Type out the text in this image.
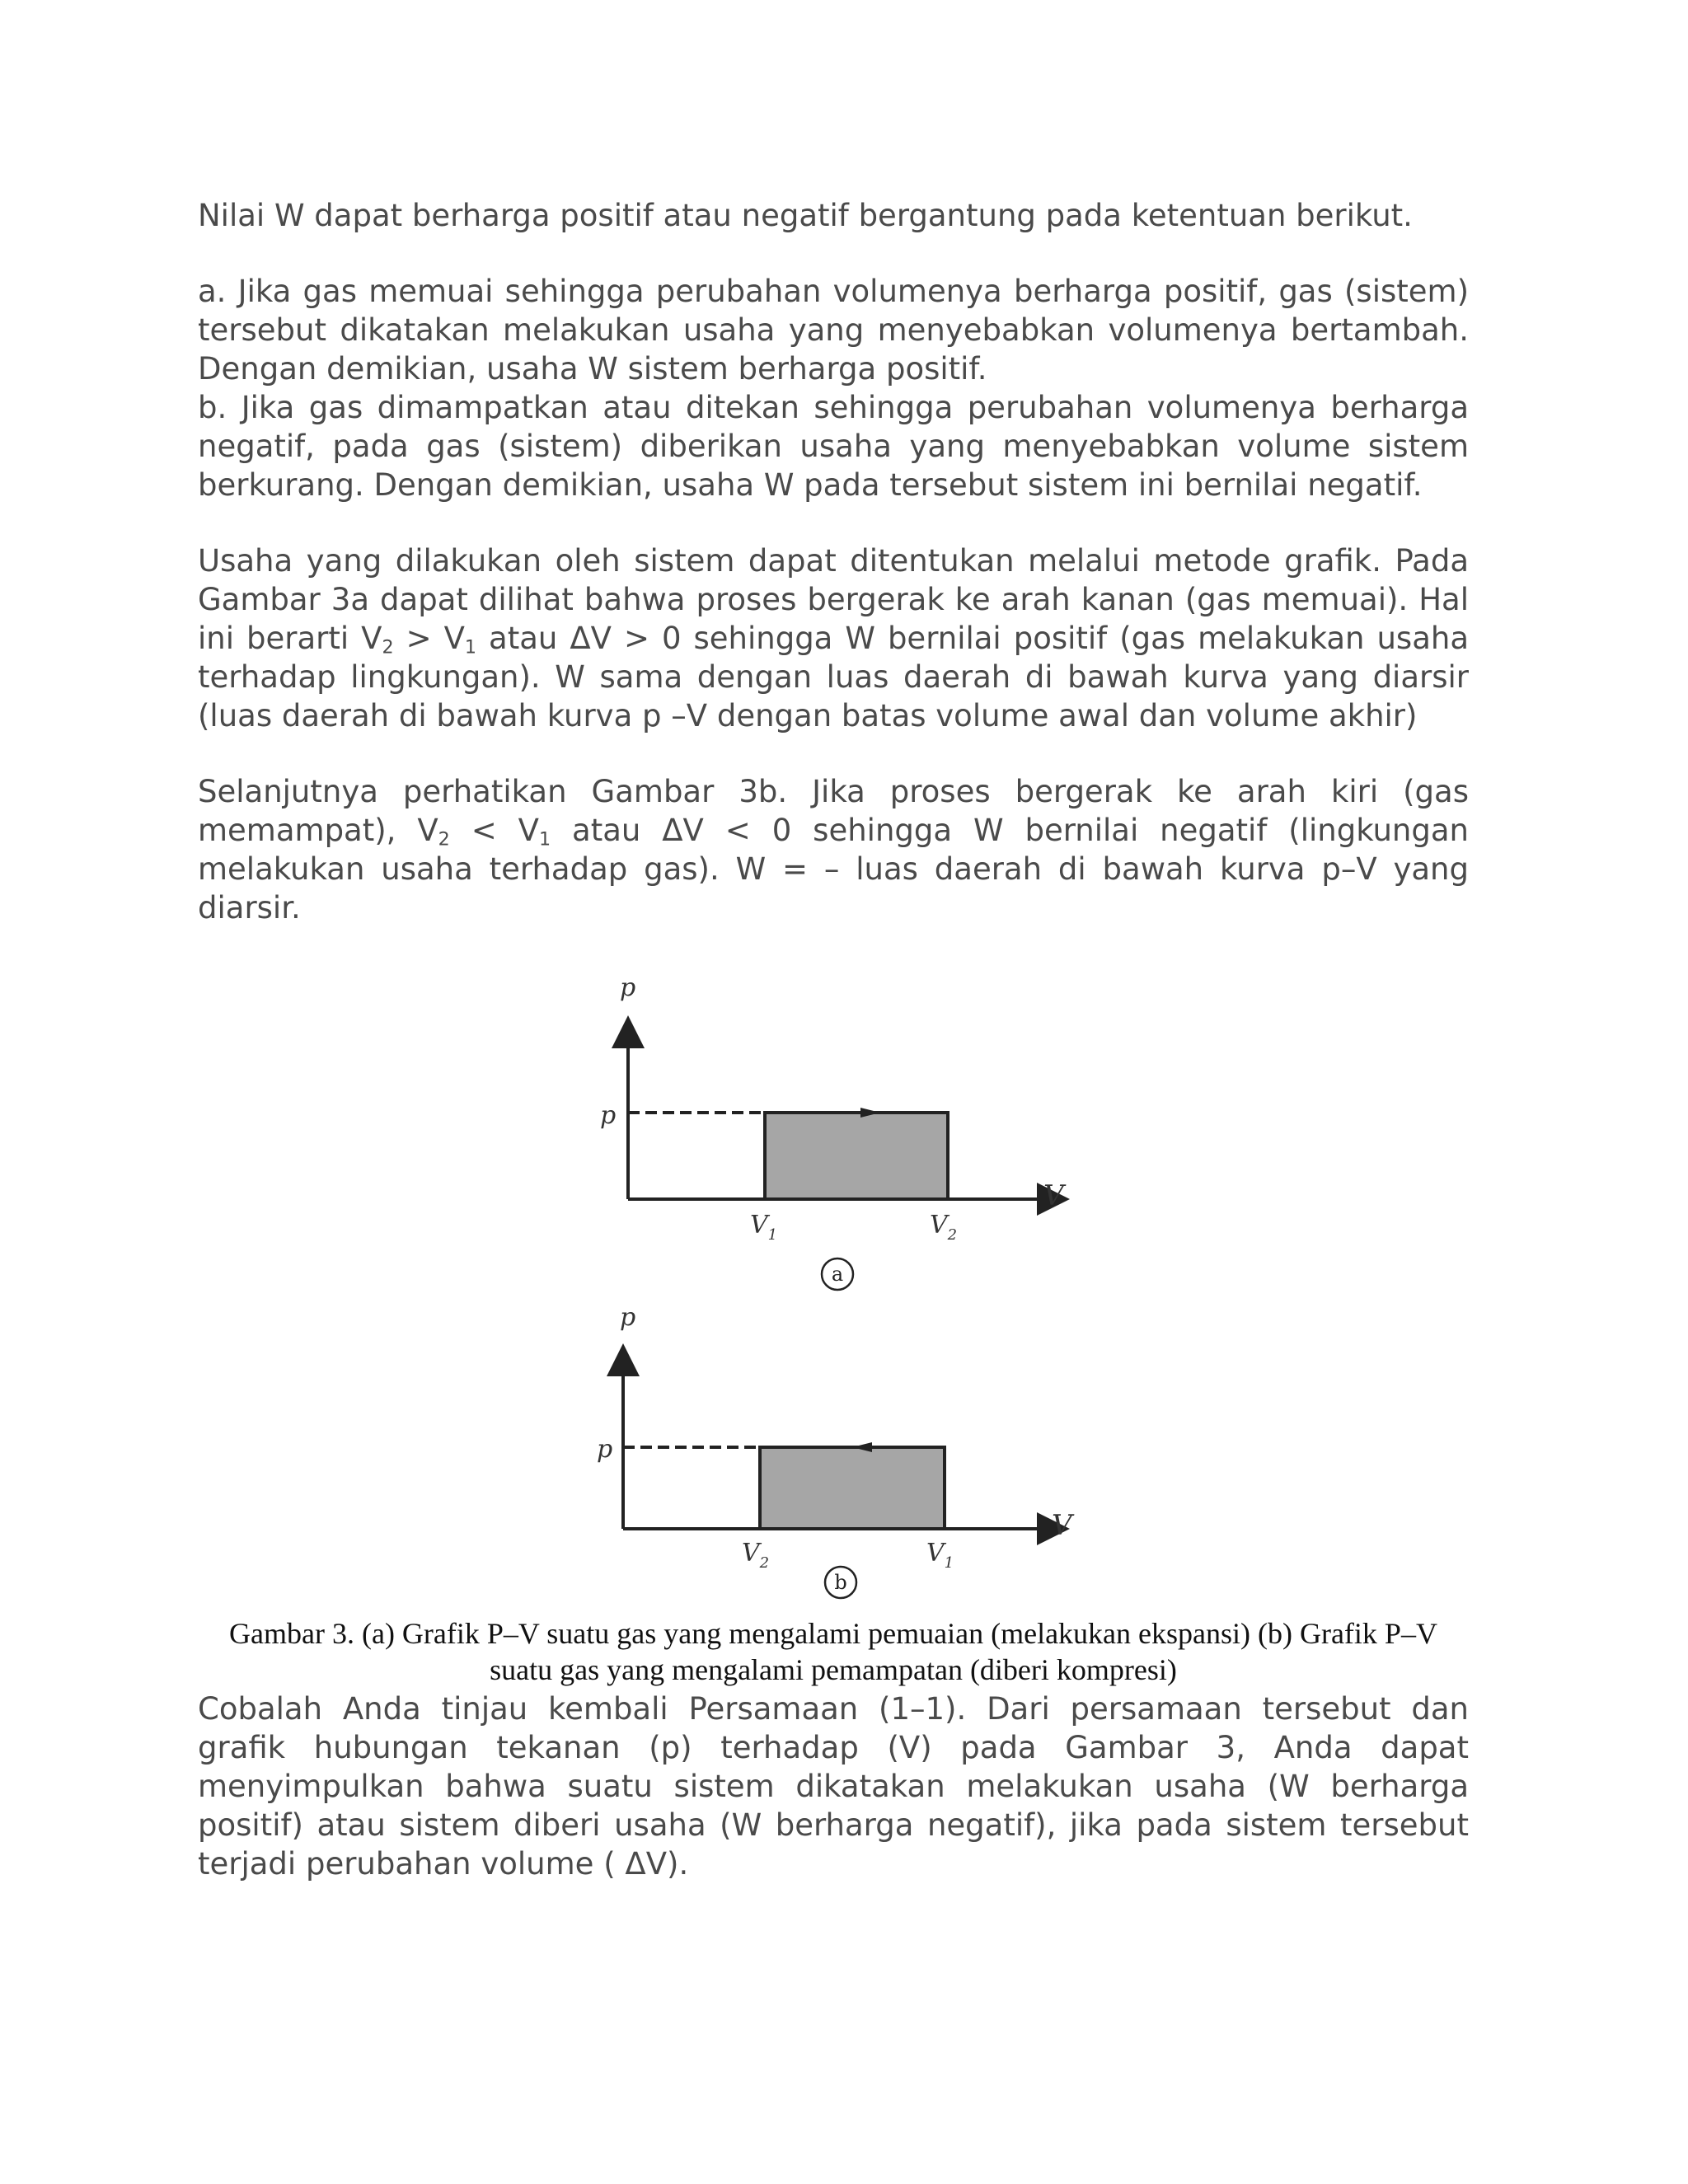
Nilai W dapat berharga positif atau negatif bergantung pada ketentuan berikut.

a. Jika gas memuai sehingga perubahan volumenya berharga positif, gas (sistem) tersebut dikatakan melakukan usaha yang menyebabkan volumenya bertambah. Dengan demikian, usaha W sistem berharga positif.

b. Jika gas dimampatkan atau ditekan sehingga perubahan volumenya berharga negatif, pada gas (sistem) diberikan usaha yang menyebabkan volume sistem berkurang. Dengan demikian, usaha W pada tersebut sistem ini bernilai negatif.

Usaha yang dilakukan oleh sistem dapat ditentukan melalui metode grafik. Pada Gambar 3a dapat dilihat bahwa proses bergerak ke arah kanan (gas memuai). Hal ini berarti $V_2 > V_1$ atau ΔV > 0 sehingga W bernilai positif (gas melakukan usaha terhadap lingkungan). W sama dengan luas daerah di bawah kurva yang diarsir (luas daerah di bawah kurva p –V dengan batas volume awal dan volume akhir)

Selanjutnya perhatikan Gambar 3b. Jika proses bergerak ke arah kiri (gas memampat), $V_2 < V_1$ atau ΔV < 0 sehingga W bernilai negatif (lingkungan melakukan usaha terhadap gas). W = – luas daerah di bawah kurva p–V yang diarsir.

p
V
p
$V_1$	$V_2$
a
p
V
p
$V_2$	$V_1$
b

Gambar 3. (a) Grafik P–V suatu gas yang mengalami pemuaian (melakukan ekspansi) (b) Grafik P–V suatu gas yang mengalami pemampatan (diberi kompresi)

Cobalah Anda tinjau kembali Persamaan (1–1). Dari persamaan tersebut dan grafik hubungan tekanan (p) terhadap (V) pada Gambar 3, Anda dapat menyimpulkan bahwa suatu sistem dikatakan melakukan usaha (W berharga positif) atau sistem diberi usaha (W berharga negatif), jika pada sistem tersebut terjadi perubahan volume ( ΔV).
